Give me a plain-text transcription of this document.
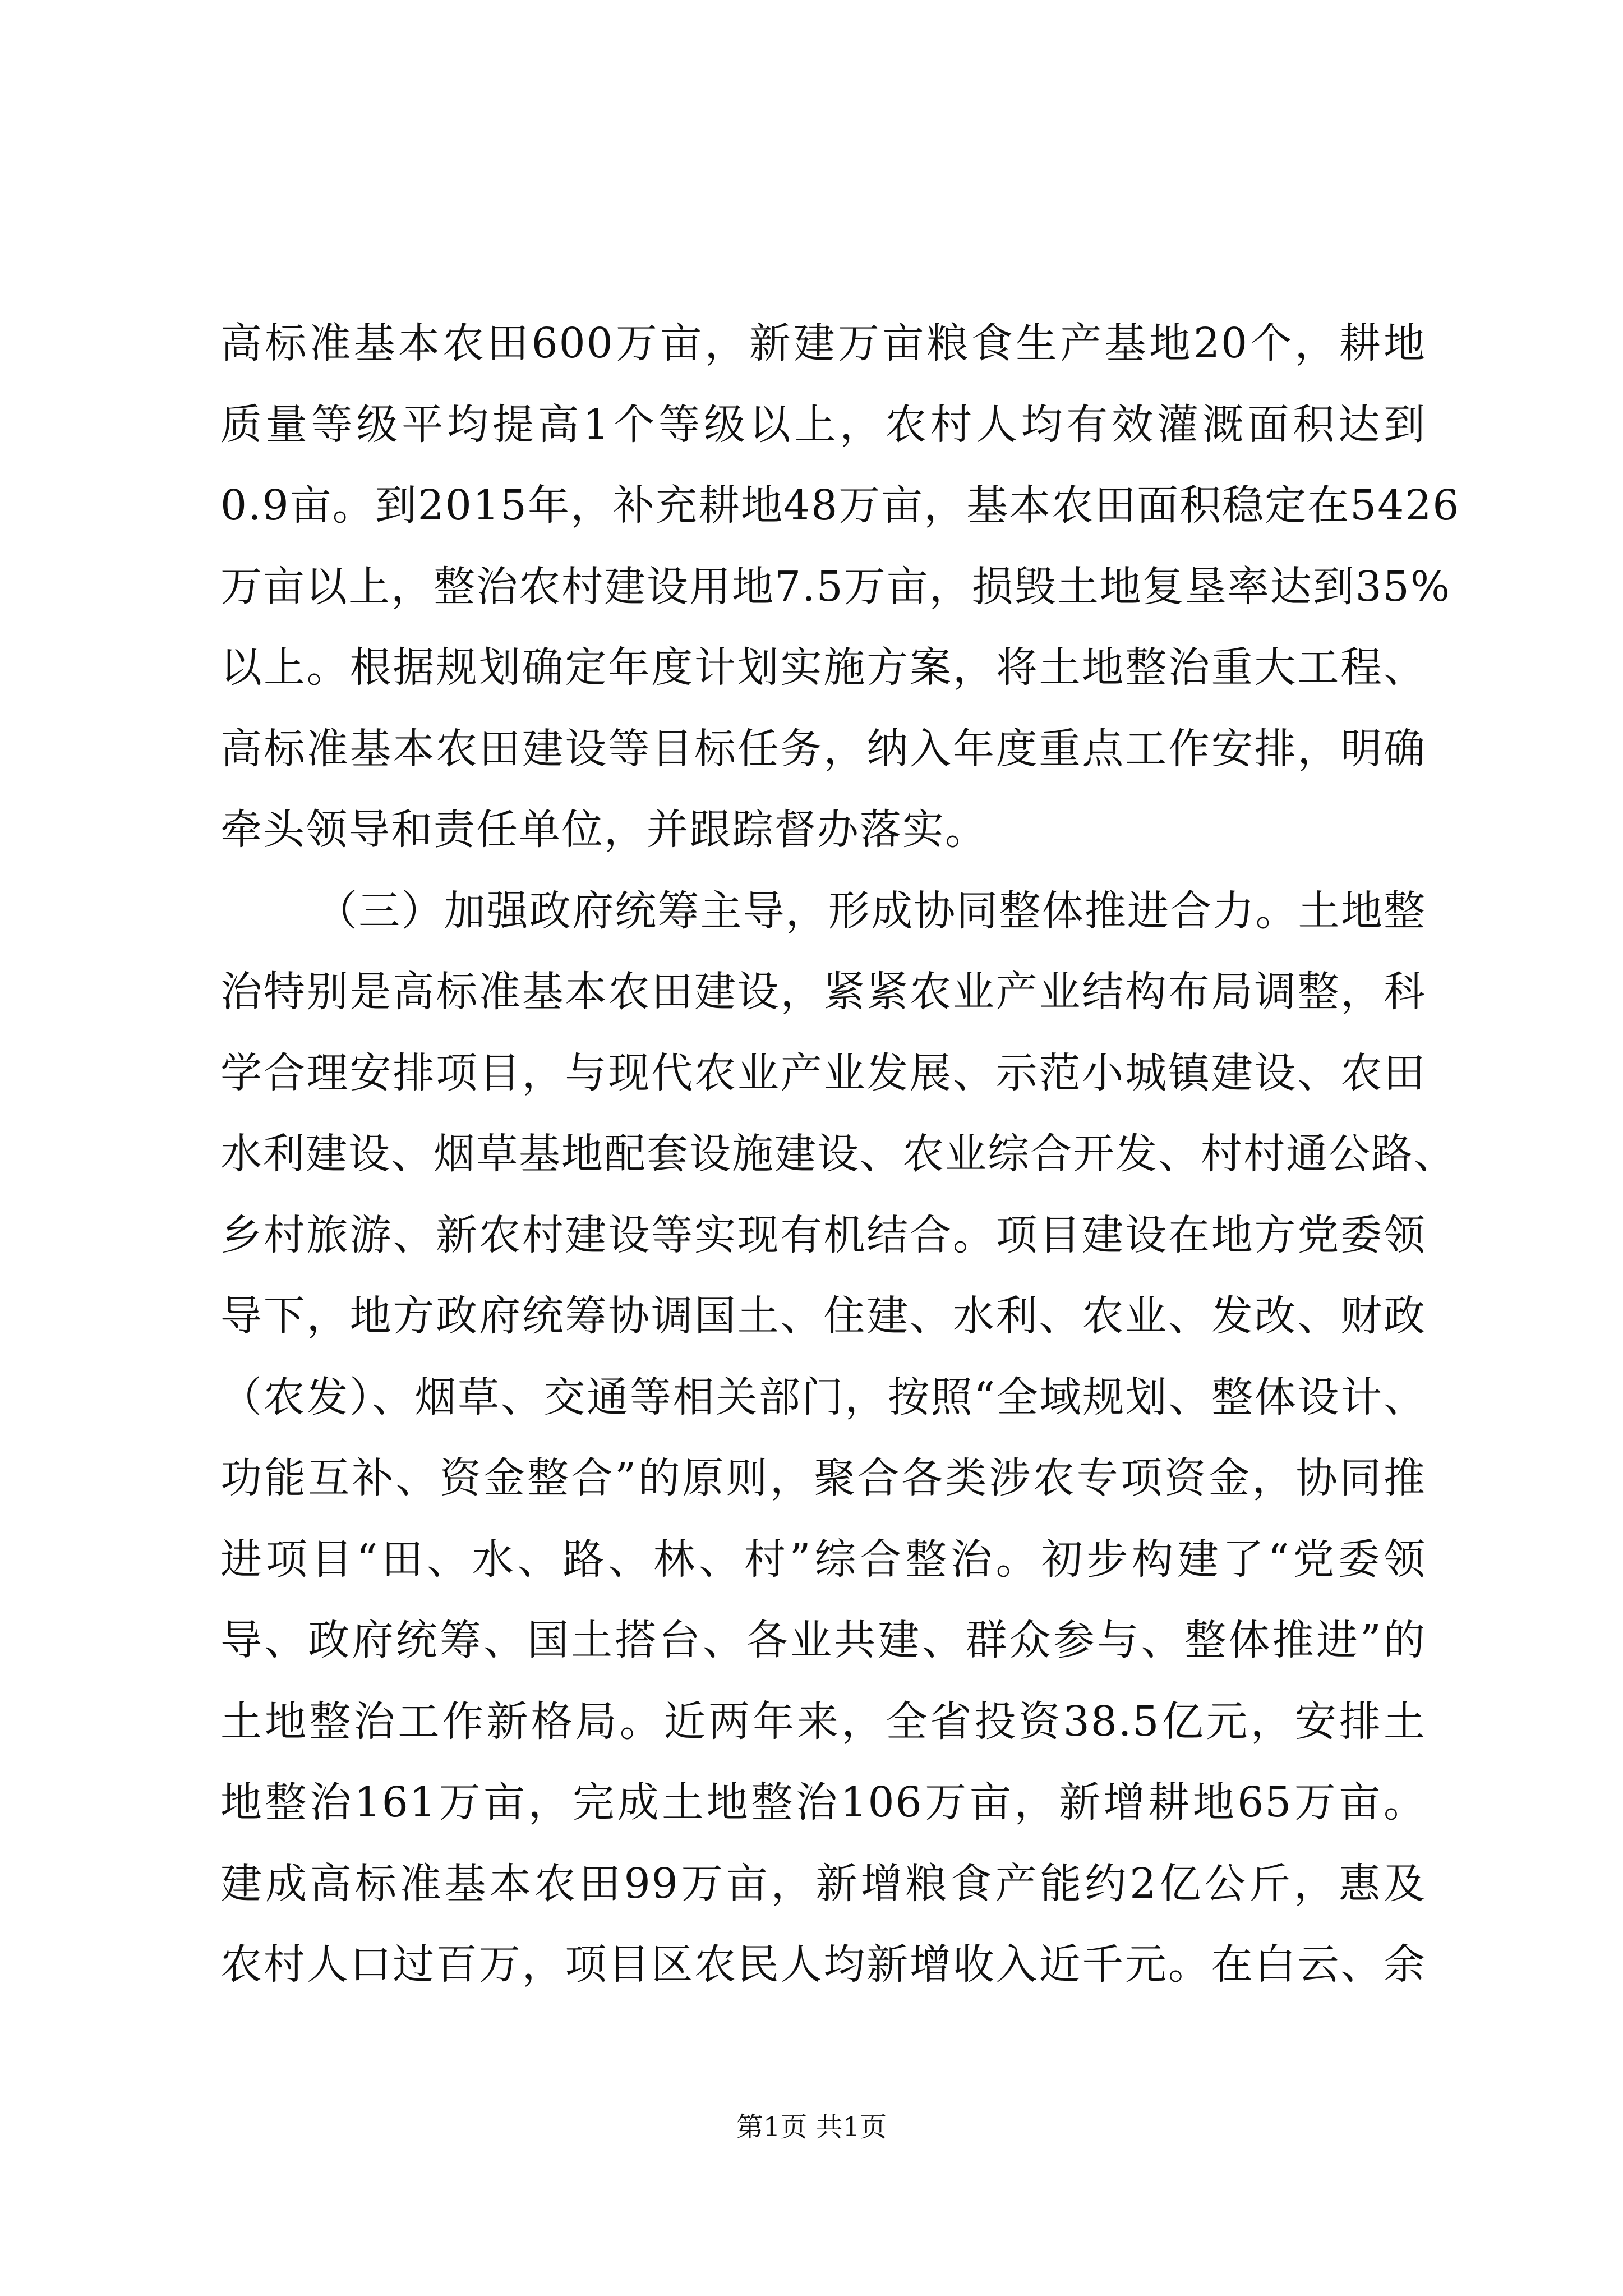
高标准基本农田600万亩，新建万亩粮食生产基地20个，耕地
质量等级平均提高1个等级以上，农村人均有效灌溉面积达到
0.9亩。到2015年，补充耕地48万亩，基本农田面积稳定在5426
万亩以上，整治农村建设用地7.5万亩，损毁土地复垦率达到35%
以上。根据规划确定年度计划实施方案，将土地整治重大工程、
高标准基本农田建设等目标任务，纳入年度重点工作安排，明确
牵头领导和责任单位，并跟踪督办落实。
（三）加强政府统筹主导，形成协同整体推进合力。土地整
治特别是高标准基本农田建设，紧紧农业产业结构布局调整，科
学合理安排项目，与现代农业产业发展、示范小城镇建设、农田
水利建设、烟草基地配套设施建设、农业综合开发、村村通公路、
乡村旅游、新农村建设等实现有机结合。项目建设在地方党委领
导下，地方政府统筹协调国土、住建、水利、农业、发改、财政
（农发）、烟草、交通等相关部门，按照“全域规划、整体设计、
功能互补、资金整合”的原则，聚合各类涉农专项资金，协同推
进项目“田、水、路、林、村”综合整治。初步构建了“党委领
导、政府统筹、国土搭台、各业共建、群众参与、整体推进”的
土地整治工作新格局。近两年来，全省投资38.5亿元，安排土
地整治161万亩，完成土地整治106万亩，新增耕地65万亩。
建成高标准基本农田99万亩，新增粮食产能约2亿公斤，惠及
农村人口过百万，项目区农民人均新增收入近千元。在白云、余
第1页 共1页
